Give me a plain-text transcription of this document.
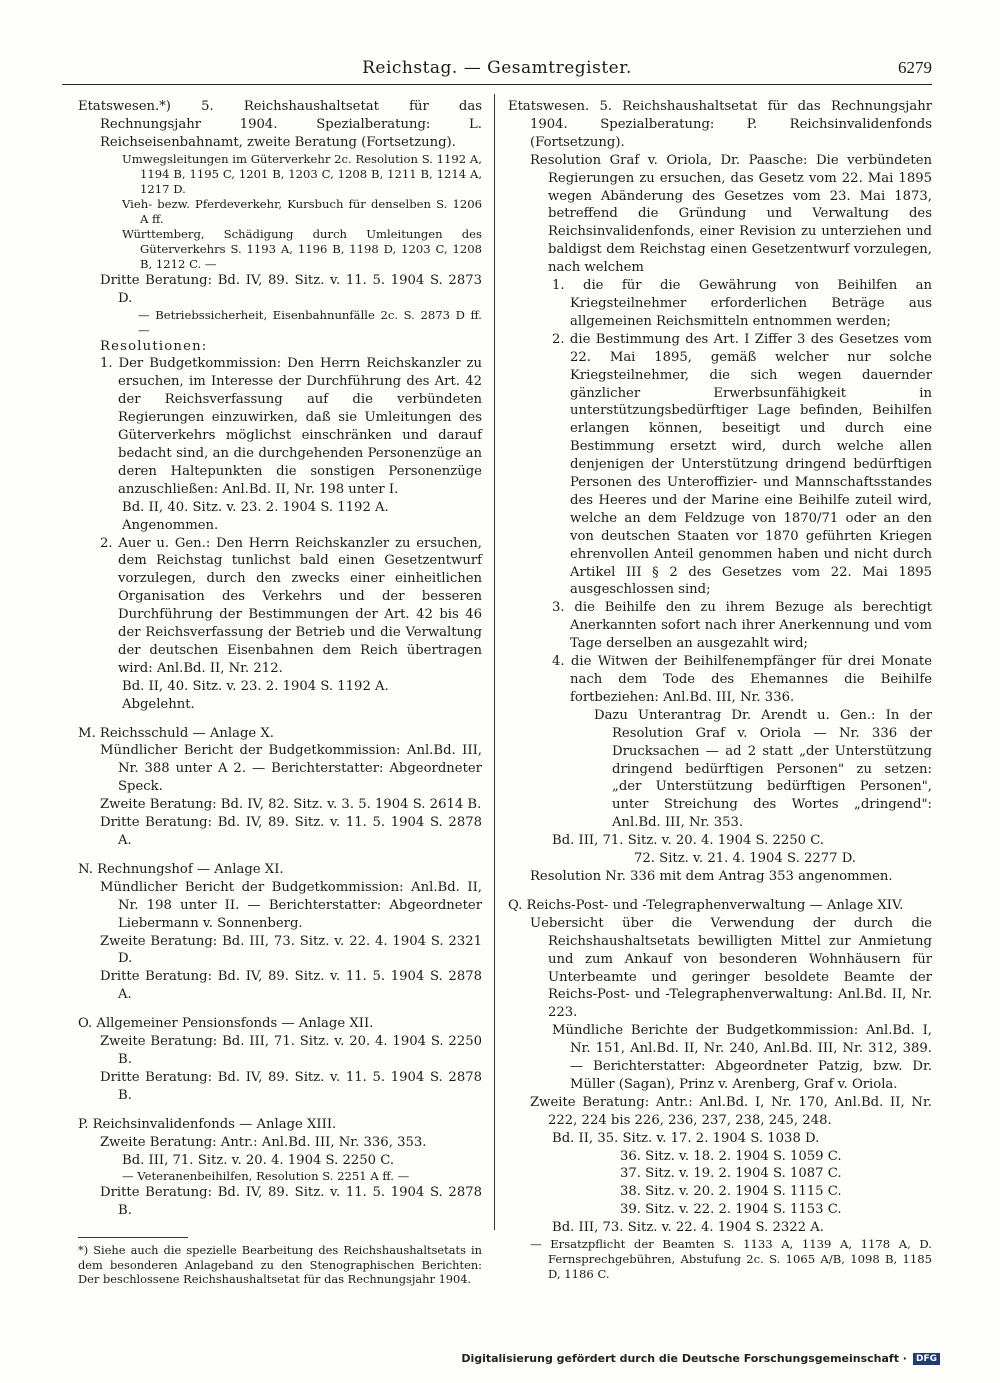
Reichstag. — Gesamtregister.	6279

Etatswesen.*) 5. Reichshaushaltsetat für das Rechnungsjahr 1904. Spezialberatung: L. Reichseisenbahnamt, zweite Beratung (Fortsetzung).

Umwegsleitungen im Güterverkehr 2c. Resolution S. 1192 A, 1194 B, 1195 C, 1201 B, 1203 C, 1208 B, 1211 B, 1214 A, 1217 D.

Vieh- bezw. Pferdeverkehr, Kursbuch für denselben S. 1206 A ff.

Württemberg, Schädigung durch Umleitungen des Güterverkehrs S. 1193 A, 1196 B, 1198 D, 1203 C, 1208 B, 1212 C. —

Dritte Beratung: Bd. IV, 89. Sitz. v. 11. 5. 1904 S. 2873 D.

— Betriebssicherheit, Eisenbahnunfälle 2c. S. 2873 D ff. —

Resolutionen:

1. Der Budgetkommission: Den Herrn Reichskanzler zu ersuchen, im Interesse der Durchführung des Art. 42 der Reichsverfassung auf die verbündeten Regierungen einzuwirken, daß sie Umleitungen des Güterverkehrs möglichst einschränken und darauf bedacht sind, an die durchgehenden Personenzüge an deren Haltepunkten die sonstigen Personenzüge anzuschließen: Anl.Bd. II, Nr. 198 unter I.

Bd. II, 40. Sitz. v. 23. 2. 1904 S. 1192 A.

Angenommen.

2. Auer u. Gen.: Den Herrn Reichskanzler zu ersuchen, dem Reichstag tunlichst bald einen Gesetzentwurf vorzulegen, durch den zwecks einer einheitlichen Organisation des Verkehrs und der besseren Durchführung der Bestimmungen der Art. 42 bis 46 der Reichsverfassung der Betrieb und die Verwaltung der deutschen Eisenbahnen dem Reich übertragen wird: Anl.Bd. II, Nr. 212.

Bd. II, 40. Sitz. v. 23. 2. 1904 S. 1192 A.

Abgelehnt.

M. Reichsschuld — Anlage X.

Mündlicher Bericht der Budgetkommission: Anl.Bd. III, Nr. 388 unter A 2. — Berichterstatter: Abgeordneter Speck.

Zweite Beratung: Bd. IV, 82. Sitz. v. 3. 5. 1904 S. 2614 B.

Dritte Beratung: Bd. IV, 89. Sitz. v. 11. 5. 1904 S. 2878 A.

N. Rechnungshof — Anlage XI.

Mündlicher Bericht der Budgetkommission: Anl.Bd. II, Nr. 198 unter II. — Berichterstatter: Abgeordneter Liebermann v. Sonnenberg.

Zweite Beratung: Bd. III, 73. Sitz. v. 22. 4. 1904 S. 2321 D.

Dritte Beratung: Bd. IV, 89. Sitz. v. 11. 5. 1904 S. 2878 A.

O. Allgemeiner Pensionsfonds — Anlage XII.

Zweite Beratung: Bd. III, 71. Sitz. v. 20. 4. 1904 S. 2250 B.

Dritte Beratung: Bd. IV, 89. Sitz. v. 11. 5. 1904 S. 2878 B.

P. Reichsinvalidenfonds — Anlage XIII.

Zweite Beratung: Antr.: Anl.Bd. III, Nr. 336, 353.

Bd. III, 71. Sitz. v. 20. 4. 1904 S. 2250 C.

— Veteranenbeihilfen, Resolution S. 2251 A ff. —

Dritte Beratung: Bd. IV, 89. Sitz. v. 11. 5. 1904 S. 2878 B.

*) Siehe auch die spezielle Bearbeitung des Reichshaushaltsetats in dem besonderen Anlageband zu den Stenographischen Berichten: Der beschlossene Reichshaushaltsetat für das Rechnungsjahr 1904.

Etatswesen. 5. Reichshaushaltsetat für das Rechnungsjahr 1904. Spezialberatung: P. Reichsinvalidenfonds (Fortsetzung).

Resolution Graf v. Oriola, Dr. Paasche: Die verbündeten Regierungen zu ersuchen, das Gesetz vom 22. Mai 1895 wegen Abänderung des Gesetzes vom 23. Mai 1873, betreffend die Gründung und Verwaltung des Reichsinvalidenfonds, einer Revision zu unterziehen und baldigst dem Reichstag einen Gesetzentwurf vorzulegen, nach welchem

1. die für die Gewährung von Beihilfen an Kriegsteilnehmer erforderlichen Beträge aus allgemeinen Reichsmitteln entnommen werden;

2. die Bestimmung des Art. I Ziffer 3 des Gesetzes vom 22. Mai 1895, gemäß welcher nur solche Kriegsteilnehmer, die sich wegen dauernder gänzlicher Erwerbsunfähigkeit in unterstützungsbedürftiger Lage befinden, Beihilfen erlangen können, beseitigt und durch eine Bestimmung ersetzt wird, durch welche allen denjenigen der Unterstützung dringend bedürftigen Personen des Unteroffizier- und Mannschaftsstandes des Heeres und der Marine eine Beihilfe zuteil wird, welche an dem Feldzuge von 1870/71 oder an den von deutschen Staaten vor 1870 geführten Kriegen ehrenvollen Anteil genommen haben und nicht durch Artikel III § 2 des Gesetzes vom 22. Mai 1895 ausgeschlossen sind;

3. die Beihilfe den zu ihrem Bezuge als berechtigt Anerkannten sofort nach ihrer Anerkennung und vom Tage derselben an ausgezahlt wird;

4. die Witwen der Beihilfenempfänger für drei Monate nach dem Tode des Ehemannes die Beihilfe fortbeziehen: Anl.Bd. III, Nr. 336.

Dazu Unterantrag Dr. Arendt u. Gen.: In der Resolution Graf v. Oriola — Nr. 336 der Drucksachen — ad 2 statt „der Unterstützung dringend bedürftigen Personen" zu setzen: „der Unterstützung bedürftigen Personen", unter Streichung des Wortes „dringend": Anl.Bd. III, Nr. 353.

Bd. III, 71. Sitz. v. 20. 4. 1904 S. 2250 C.

72. Sitz. v. 21. 4. 1904 S. 2277 D.

Resolution Nr. 336 mit dem Antrag 353 angenommen.

Q. Reichs-Post- und -Telegraphenverwaltung — Anlage XIV.

Uebersicht über die Verwendung der durch die Reichshaushaltsetats bewilligten Mittel zur Anmietung und zum Ankauf von besonderen Wohnhäusern für Unterbeamte und geringer besoldete Beamte der Reichs-Post- und -Telegraphenverwaltung: Anl.Bd. II, Nr. 223.

Mündliche Berichte der Budgetkommission: Anl.Bd. I, Nr. 151, Anl.Bd. II, Nr. 240, Anl.Bd. III, Nr. 312, 389. — Berichterstatter: Abgeordneter Patzig, bzw. Dr. Müller (Sagan), Prinz v. Arenberg, Graf v. Oriola.

Zweite Beratung: Antr.: Anl.Bd. I, Nr. 170, Anl.Bd. II, Nr. 222, 224 bis 226, 236, 237, 238, 245, 248.

Bd. II, 35. Sitz. v. 17. 2. 1904 S. 1038 D.

36. Sitz. v. 18. 2. 1904 S. 1059 C.

37. Sitz. v. 19. 2. 1904 S. 1087 C.

38. Sitz. v. 20. 2. 1904 S. 1115 C.

39. Sitz. v. 22. 2. 1904 S. 1153 C.

Bd. III, 73. Sitz. v. 22. 4. 1904 S. 2322 A.

— Ersatzpflicht der Beamten S. 1133 A, 1139 A, 1178 A, D. Fernsprechgebühren, Abstufung 2c. S. 1065 A/B, 1098 B, 1185 D, 1186 C.

Digitalisierung gefördert durch die Deutsche Forschungsgemeinschaft ·	DFG
